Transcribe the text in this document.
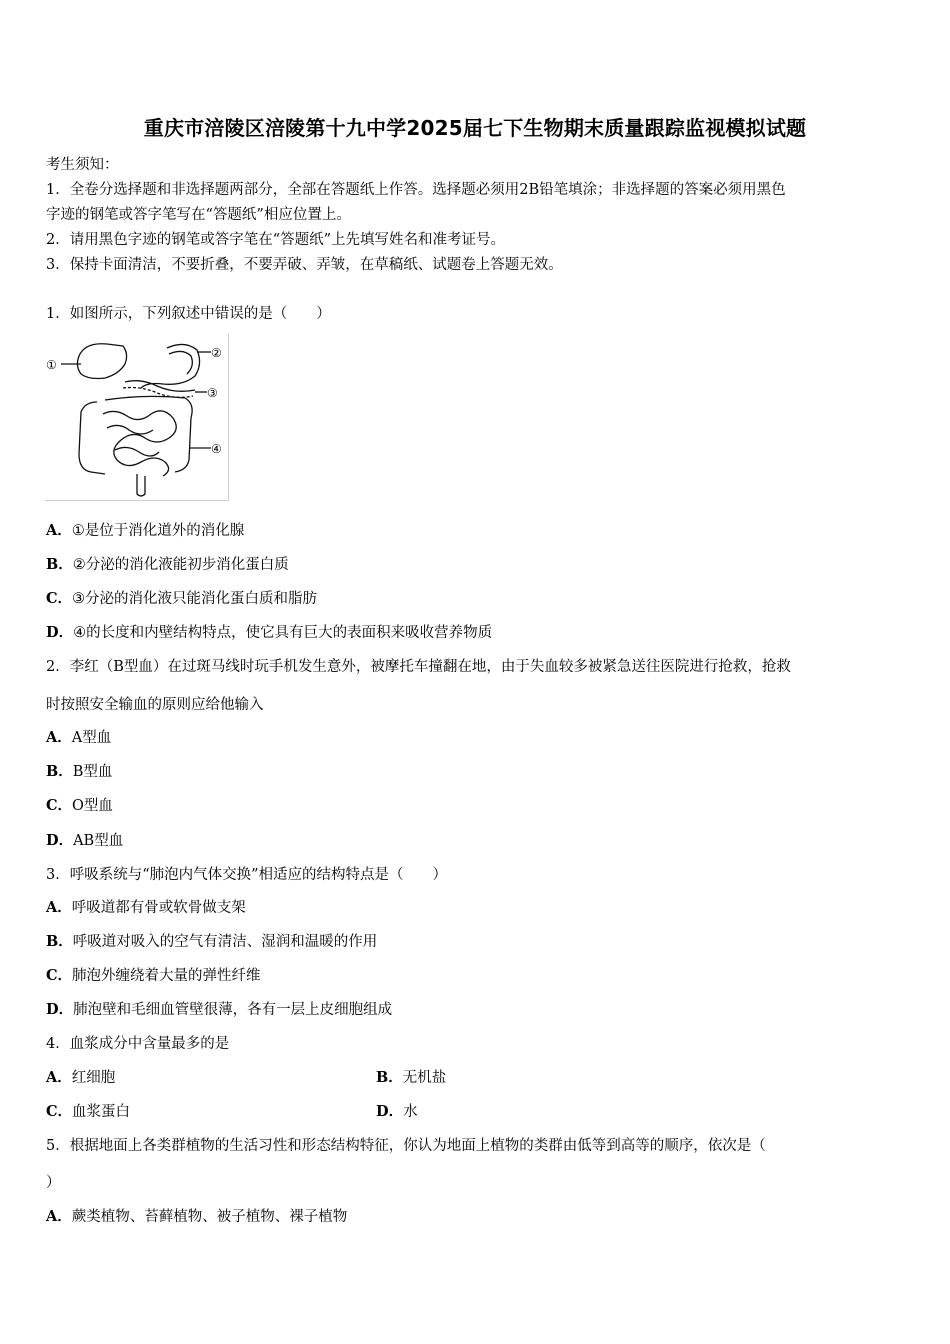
重庆市涪陵区涪陵第十九中学2025届七下生物期末质量跟踪监视模拟试题
考生须知：
1．全卷分选择题和非选择题两部分，全部在答题纸上作答。选择题必须用2B铅笔填涂；非选择题的答案必须用黑色
字迹的钢笔或答字笔写在“答题纸”相应位置上。
2．请用黑色字迹的钢笔或答字笔在“答题纸”上先填写姓名和准考证号。
3．保持卡面清洁，不要折叠，不要弄破、弄皱，在草稿纸、试题卷上答题无效。
1．如图所示，下列叙述中错误的是（　　）
①
②
③
④
A．①是位于消化道外的消化腺
B．②分泌的消化液能初步消化蛋白质
C．③分泌的消化液只能消化蛋白质和脂肪
D．④的长度和内壁结构特点，使它具有巨大的表面积来吸收营养物质
2．李红（B型血）在过斑马线时玩手机发生意外，被摩托车撞翻在地，由于失血较多被紧急送往医院进行抢救，抢救
时按照安全输血的原则应给他输入
A．A型血
B．B型血
C．O型血
D．AB型血
3．呼吸系统与“肺泡内气体交换”相适应的结构特点是（　　）
A．呼吸道都有骨或软骨做支架
B．呼吸道对吸入的空气有清洁、湿润和温暖的作用
C．肺泡外缠绕着大量的弹性纤维
D．肺泡壁和毛细血管壁很薄，各有一层上皮细胞组成
4．血浆成分中含量最多的是
A．红细胞	B．无机盐
C．血浆蛋白	D．水
5．根据地面上各类群植物的生活习性和形态结构特征，你认为地面上植物的类群由低等到高等的顺序，依次是（
）
A．蕨类植物、苔藓植物、被子植物、裸子植物
